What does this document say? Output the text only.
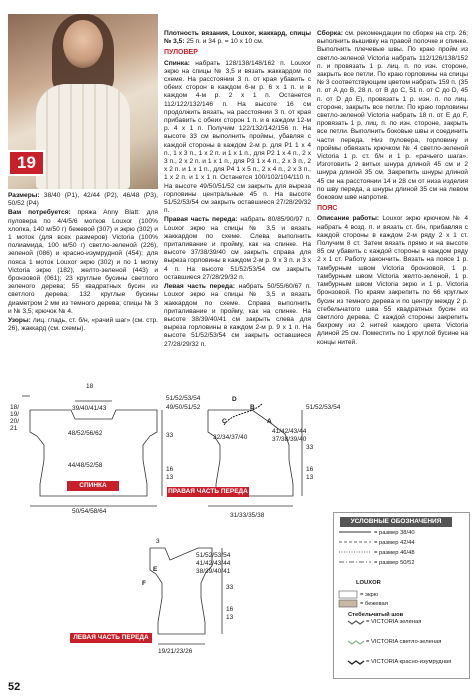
19

Размеры: 38/40 (Р1), 42/44 (Р2), 46/48 (Р3), 50/52 (Р4)

Вам потребуется: пряжа Anny Blatt: для пуловера по 4/4/5/6 мотков Louxor (100% хлопка, 140 м/50 г) бежевой (307) и экрю (302) и 1 моток (для всех размеров) Victoria (100% полиамида, 100 м/50 г) светло-зеленой (226), зеленой (086) и красно-изумрудной (454); для пояса 1 моток Louxor экрю (302) и по 1 мотку Victoria экрю (182), желто-зеленой (443) и бронзовой (061); 23 круглые бусины светлого зеленого дерева; 55 квадратных бусин из светлого дерева; 132 круглые бусины диаметром 2 мм из темного дерева; спицы № 3 и № 3,5; крючок № 4.

Узоры: лиц. гладь, ст. б/н, «рачий шаг» (см. стр. 26), жаккард (см. схемы).

Плотность вязания, Louxor, жаккард, спицы № 3,5: 25 п. и 34 р. = 10 х 10 см.

ПУЛОВЕР

Спинка: набрать 128/138/148/162 п. Louxor экрю на спицы № 3,5 и вязать жаккардом по схеме. На расстоянии 3 п. от края убавить с обеих сторон в каждом 6-м р. 6 х 1 п. и в каждом 4-м р. 2 х 1 п. Останется 112/122/132/146 п. На высоте 16 см продолжить вязать, на расстоянии 3 п. от края прибавить с обеих сторон 1 п. и в каждом 12-м р. 4 х 1 п. Получим 122/132/142/156 п. На высоте 33 см выполнить проймы, убавляя с каждой стороны в каждом 2-м р. для Р1 1 х 4 п., 1 х 3 п., 1 х 2 п. и 1 х 1 п., для Р2 1 х 4 п., 2 х 3 п., 2 х 2 п. и 1 х 1 п., для Р3 1 х 4 п., 2 х 3 п., 2 х 2 п. и 1 х 1 п., для Р4 1 х 5 п., 2 х 4 п., 2 х 3 п., 1 х 2 п. и 1 х 1 п. Останется 100/102/104/110 п. На высоте 49/50/51/52 см закрыть для выреза горловины центральные 45 п. На высоте 51/52/53/54 см закрыть оставшиеся 27/28/29/32 п.

Правая часть переда: набрать 80/85/90/97 п. Louxor экрю на спицы № 3,5 и вязать жаккардом по схеме. Слева выполнить приталивание и пройму, как на спинке. На высоте 37/38/39/40 см закрыть справа для выреза горловины в каждом 2-м р. 9 х 3 п. и 3 х 4 п. На высоте 51/52/53/54 см закрыть оставшиеся 27/28/29/32 п.

Левая часть переда: набрать 50/55/60/67 п. Louxor экрю на спицы № 3,5 и вязать жаккардом по схеме. Справа выполнить приталивание и пройму, как на спинке. На высоте 38/39/40/41 см закрыть слева для выреза горловины в каждом 2-м р. 9 х 1 п. На высоте 51/52/53/54 см закрыть оставшиеся 27/28/29/32 п.

Сборка: см. рекомендации по сборке на стр. 26; выполнить вышивку на правой полочке и спинке. Выполнить плечевые швы. По краю пройм из светло-зеленой Victoria набрать 112/126/138/152 п. и провязать 1 р. лиц. п. по изн. стороне, закрыть все петли. По краю горловины на спицы № 3 соответствующим цветом набрать 159 п. (35 п. от А до В, 28 п. от В до С, 51 п. от С до D, 45 п. от D до Е), провязать 1 р. изн. п. по лиц. стороне, закрыть все петли. По краю горловины светло-зеленой Victoria набрать 18 п. от Е до F, провязать 1 р. лиц. п. по изн. стороне, закрыть все петли. Выполнить боковые швы и соединить части переда. Низ пуловера, горловину и проймы обвязать крючком № 4 светло-зеленой Victoria 1 р. ст. б/н и 1 р. «рачьего шага». Изготовить 2 витых шнура длиной 45 см и 2 шнура длиной 35 см. Закрепить шнуры длиной 45 см на расстоянии 14 и 28 см от низа изделия по шву переда, а шнуры длиной 35 см на левом боковом шве напротив.

ПОЯС

Описание работы: Louxor экрю крючком № 4 набрать 4 возд. п. и вязать ст. б/н, прибавляя с каждой стороны в каждом 2-м ряду 2 х 1 ст. Получим 8 ст. Затем вязать прямо и на высоте 85 см убавить с каждой стороны в каждом ряду 2 х 1 ст. Работу закончить. Вязать на поясе 1 р. тамбурным швом Victoria бронзовой, 1 р. тамбурным швом Victoria желто-зеленой, 1 р. тамбурным швом Victoria экрю и 1 р. Victoria бронзовой. По краям закрепить по 66 круглых бусин из темного дерева и по центру между 2 р. стебельчатого шва 55 квадратных бусин из светлого дерева. С каждой стороны закрепить бахрому из 2 нитей каждого цвета Victoria длиной 25 см. Поместить по 1 круглой бусине на концы нитей.

18
18/
19/
20/
21
39/40/41/43
48/52/56/62
44/48/52/58
50/54/58/64
51/52/53/54
49/50/51/52
33
16
13
СПИНКА
32/34/37/40
31/33/35/38
51/52/53/54
41/42/43/44
37/38/39/40
33
16
13
A
B
C
D
ПРАВАЯ ЧАСТЬ ПЕРЕДА
3
51/52/53/54
41/42/43/44
38/39/40/41
33
16
13
19/21/23/26
E
F
ЛЕВАЯ ЧАСТЬ ПЕРЕДА
УСЛОВНЫЕ ОБОЗНАЧЕНИЯ
= размер 38/40
= размер 42/44
= размер 46/48
= размер 50/52
LOUXOR
= экрю
= бежевая
Стебельчатый шов
= VICTORIA зеленая
= VICTORIA светло-зеленая
= VICTORIA красно-изумрудная
52
